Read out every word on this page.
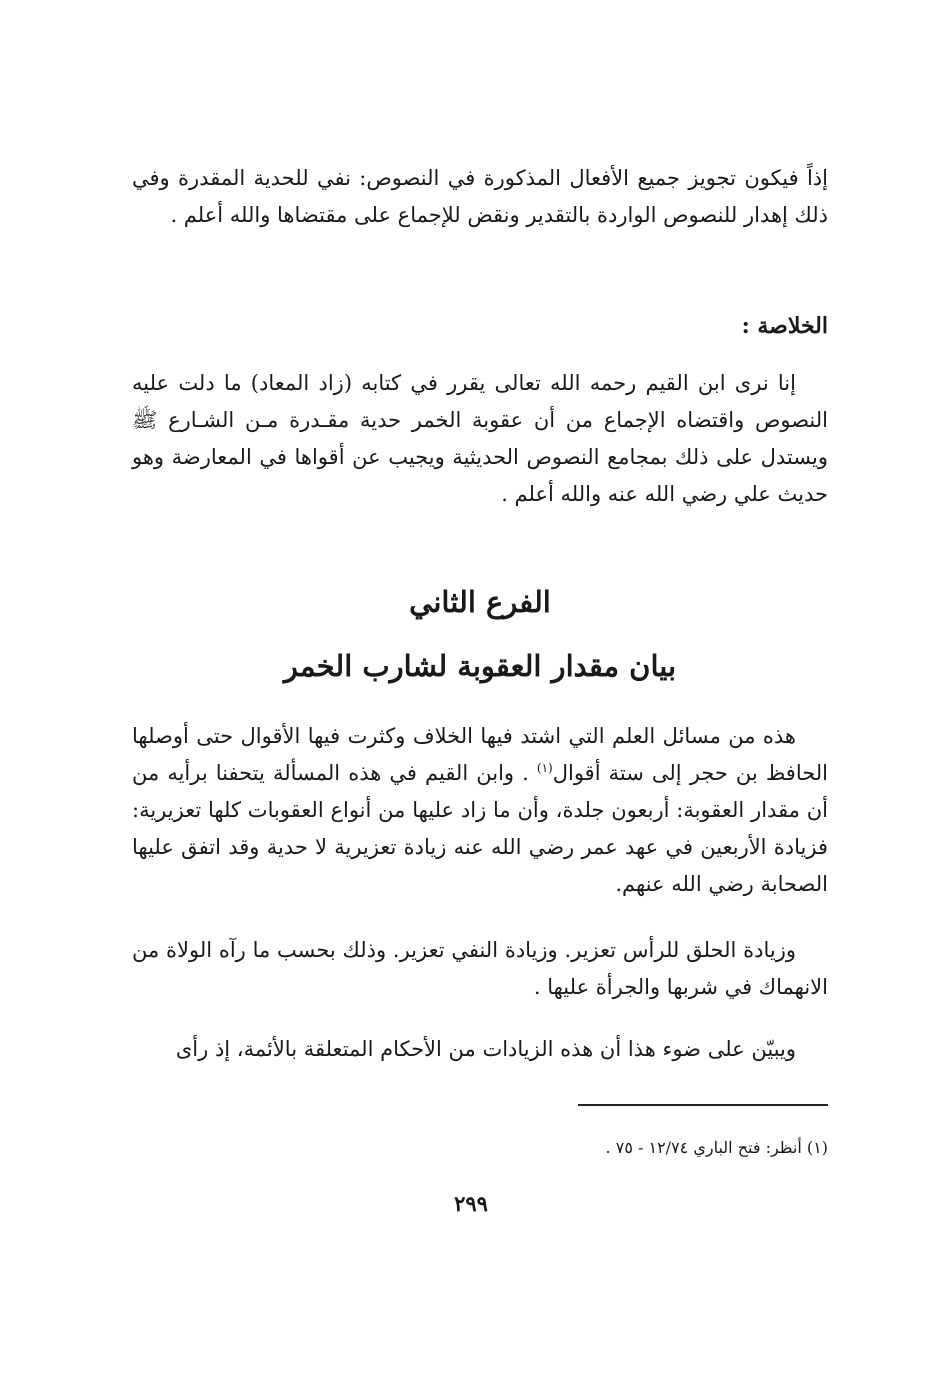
إذاً فيكون تجويز جميع الأفعال المذكورة في النصوص: نفي للحدية المقدرة وفي ذلك إهدار للنصوص الواردة بالتقدير ونقض للإجماع على مقتضاها والله أعلم .

الخلاصة :

إنا نرى ابن القيم رحمه الله تعالى يقرر في كتابه (زاد المعاد) ما دلت عليه النصوص واقتضاه الإجماع من أن عقوبة الخمر حدية مقـدرة مـن الشـارع ﷺ ويستدل على ذلك بمجامع النصوص الحديثية ويجيب عن أقواها في المعارضة وهو حديث علي رضي الله عنه والله أعلم .

الفرع الثاني
بيان مقدار العقوبة لشارب الخمر

هذه من مسائل العلم التي اشتد فيها الخلاف وكثرت فيها الأقوال حتى أوصلها الحافظ بن حجر إلى ستة أقوال$^{(١)}$ . وابن القيم في هذه المسألة يتحفنا برأيه من أن مقدار العقوبة: أربعون جلدة، وأن ما زاد عليها من أنواع العقوبات كلها تعزيرية: فزيادة الأربعين في عهد عمر رضي الله عنه زيادة تعزيرية لا حدية وقد اتفق عليها الصحابة رضي الله عنهم.

وزيادة الحلق للرأس تعزير. وزيادة النفي تعزير. وذلك بحسب ما رآه الولاة من الانهماك في شربها والجرأة عليها .

ويبيّن على ضوء هذا أن هذه الزيادات من الأحكام المتعلقة بالأئمة، إذ رأى

(١) أنظر: فتح الباري ١٢/٧٤ - ٧٥ .
٢٩٩
